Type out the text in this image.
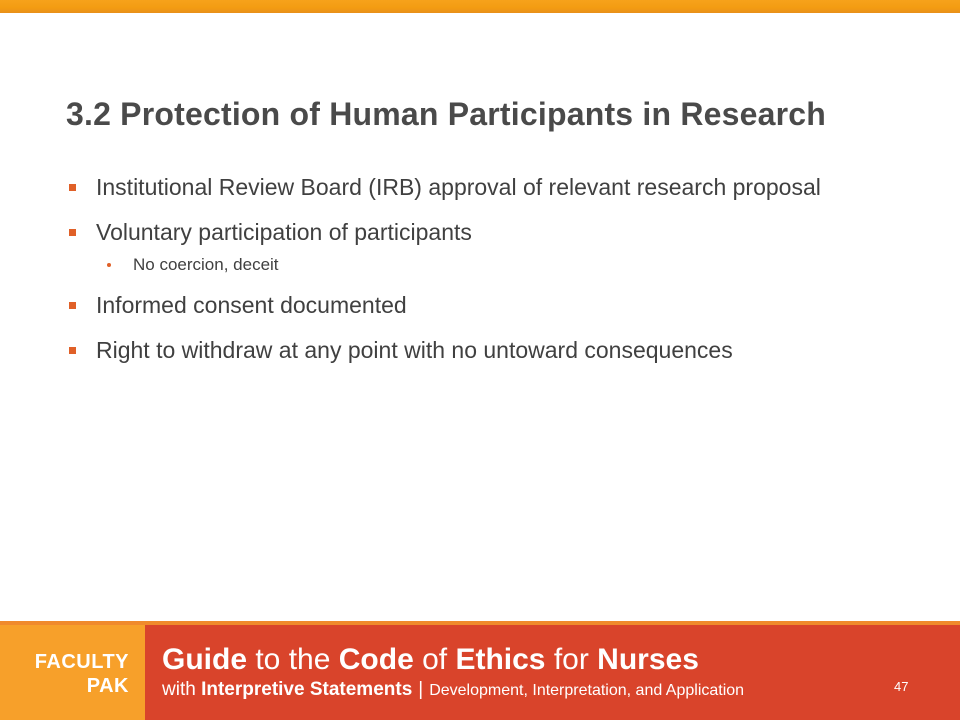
3.2 Protection of Human Participants in Research
Institutional Review Board (IRB) approval of relevant research proposal
Voluntary participation of participants
No coercion, deceit
Informed consent documented
Right to withdraw at any point with no untoward consequences
FACULTY
PAK
Guide to the Code of Ethics for Nurses
with Interpretive Statements | Development, Interpretation, and Application	47
